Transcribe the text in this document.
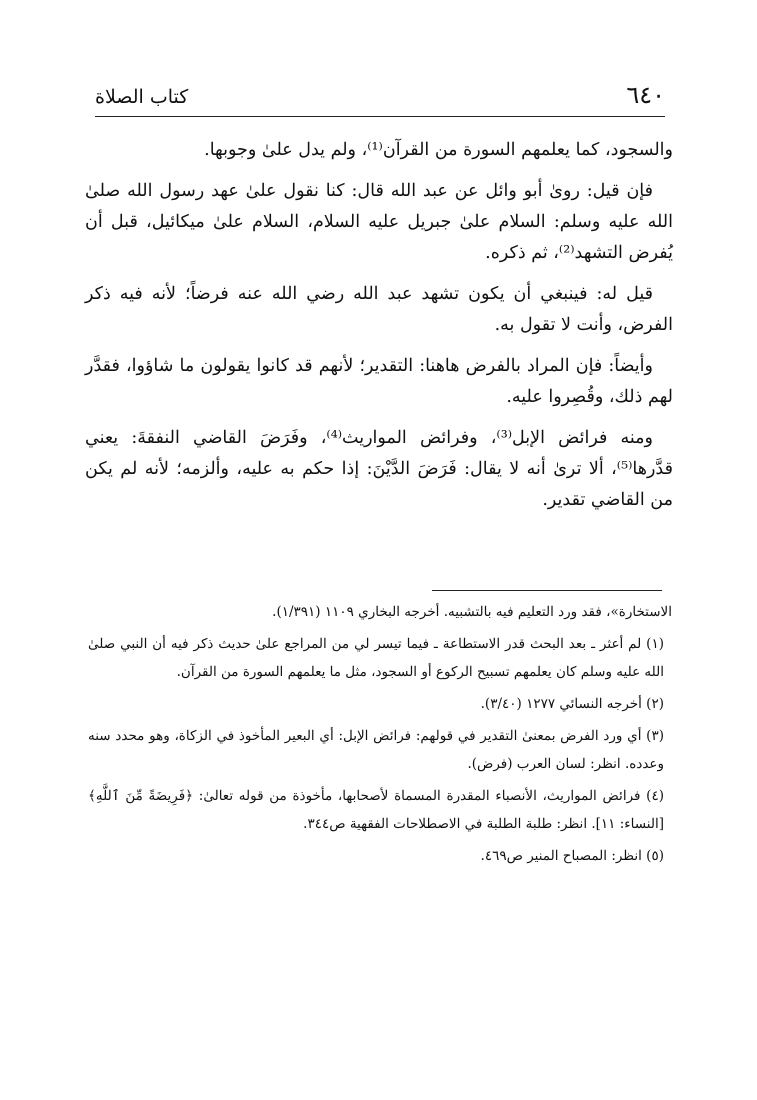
٦٤٠
كتاب الصلاة

والسجود، كما يعلمهم السورة من القرآن⁽¹⁾، ولم يدل علىٰ وجوبها.

فإن قيل: روىٰ أبو وائل عن عبد الله قال: كنا نقول علىٰ عهد رسول الله صلىٰ الله عليه وسلم: السلام علىٰ جبريل عليه السلام، السلام علىٰ ميكائيل، قبل أن يُفرض التشهد⁽²⁾، ثم ذكره.

قيل له: فينبغي أن يكون تشهد عبد الله رضي الله عنه فرضاً؛ لأنه فيه ذكر الفرض، وأنت لا تقول به.

وأيضاً: فإن المراد بالفرض هاهنا: التقدير؛ لأنهم قد كانوا يقولون ما شاؤوا، فقدَّر لهم ذلك، وقُصِروا عليه.

ومنه فرائض الإبل⁽³⁾، وفرائض المواريث⁽⁴⁾، وفَرَضَ القاضي النفقةَ: يعني قدَّرها⁽⁵⁾، ألا ترىٰ أنه لا يقال: فَرَضَ الدَّيْنَ: إذا حكم به عليه، وألزمه؛ لأنه لم يكن من القاضي تقدير.

الاستخارة»، فقد ورد التعليم فيه بالتشبيه. أخرجه البخاري ١١٠٩ (١/٣٩١).

(١) لم أعثر ـ بعد البحث قدر الاستطاعة ـ فيما تيسر لي من المراجع علىٰ حديث ذكر فيه أن النبي صلىٰ الله عليه وسلم كان يعلمهم تسبيح الركوع أو السجود، مثل ما يعلمهم السورة من القرآن.

(٢) أخرجه النسائي ١٢٧٧ (٣/٤٠).

(٣) أي ورد الفرض بمعنىٰ التقدير في قولهم: فرائض الإبل: أي البعير المأخوذ في الزكاة، وهو محدد سنه وعدده. انظر: لسان العرب (فرض).

(٤) فرائض المواريث، الأنصباء المقدرة المسماة لأصحابها، مأخوذة من قوله تعالىٰ: ﴿فَرِيضَةً مِّنَ ٱللَّهِ﴾ [النساء: ١١]. انظر: طلبة الطلبة في الاصطلاحات الفقهية ص٣٤٤.

(٥) انظر: المصباح المنير ص٤٦٩.
